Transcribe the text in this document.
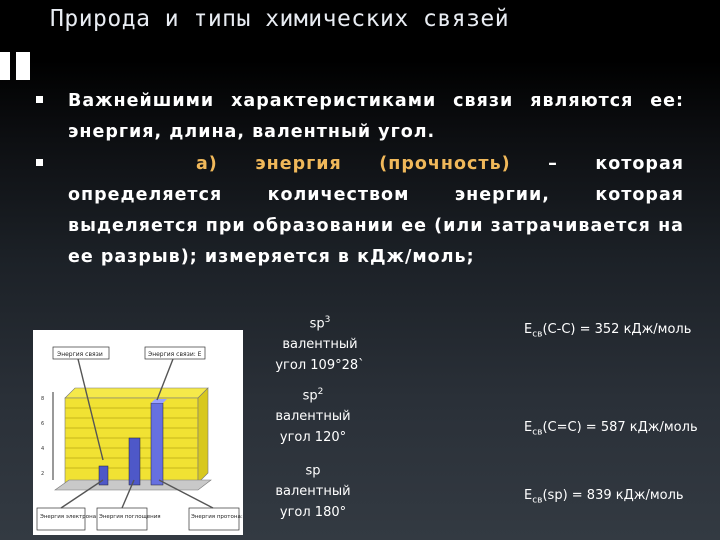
Природа и типы химических связей
Важнейшими характеристиками связи являются ее: энергия, длина, валентный угол.
а) энергия (прочность) – которая определяется количеством энергии, которая выделяется при образовании ее (или затрачивается на ее разрыв); измеряется в кДж/моль;
8
6
4
2
Энергия связи	Энергия связи: Е
Энергия электрона Энергия поглощения	Энергия протона: Е
$sp^3$
валентный
угол 109°28`
$sp^2$
валентный
угол 120°
sp
валентный
угол 180°
$Е_{св}(С-С) = 352$ кДж/моль
$Е_{св}(С=С) = 587$ кДж/моль
$Е_{св}(sp) = 839$ кДж/моль
